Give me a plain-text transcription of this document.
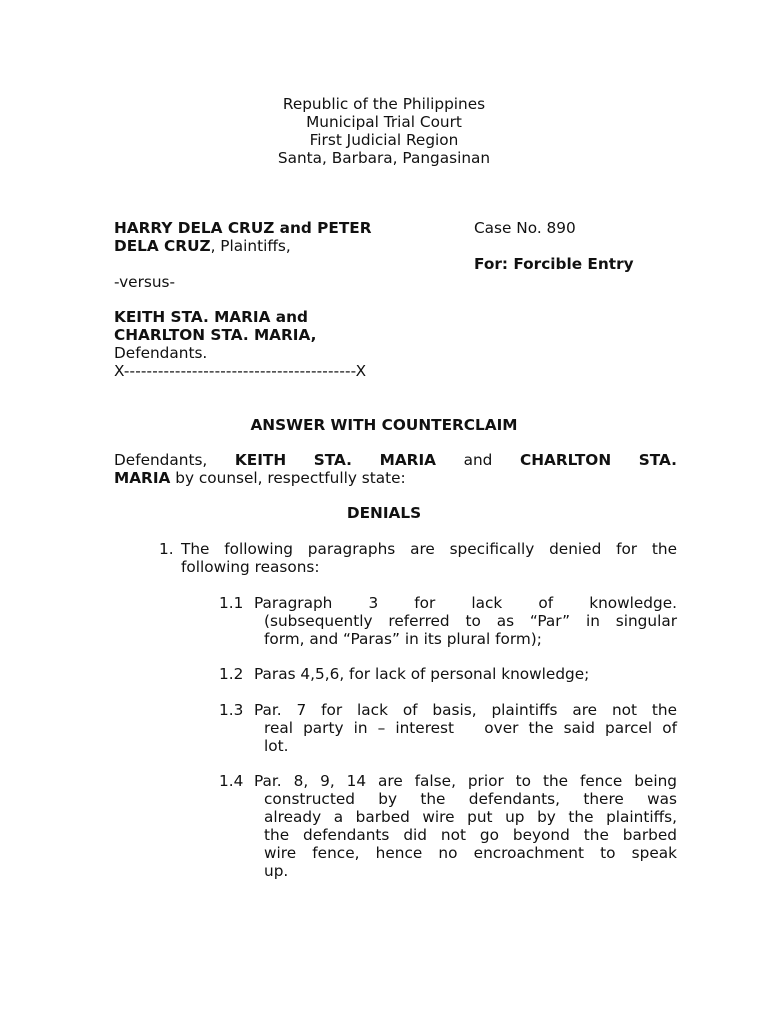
Republic of the Philippines
Municipal Trial Court
First Judicial Region
Santa, Barbara, Pangasinan
HARRY DELA CRUZ and PETER
DELA CRUZ, Plaintiffs,
-versus-
KEITH STA. MARIA and
CHARLTON STA. MARIA,
Defendants.
X-----------------------------------------X
Case No. 890
For: Forcible Entry
ANSWER WITH COUNTERCLAIM
Defendants, KEITH STA. MARIA and CHARLTON STA.
MARIA by counsel, respectfully state:
DENIALS
1. The following paragraphs are specifically denied for the
following reasons:
1.1 Paragraph 3 for lack of knowledge.
(subsequently referred to as “Par” in singular
form, and “Paras” in its plural form);
1.2 Paras 4,5,6, for lack of personal knowledge;
1.3 Par. 7 for lack of basis, plaintiffs are not the
real party in – interest   over the said parcel of
lot.
1.4 Par. 8, 9, 14 are false, prior to the fence being
constructed by the defendants, there was
already a barbed wire put up by the plaintiffs,
the defendants did not go beyond the barbed
wire fence, hence no encroachment to speak
up.
